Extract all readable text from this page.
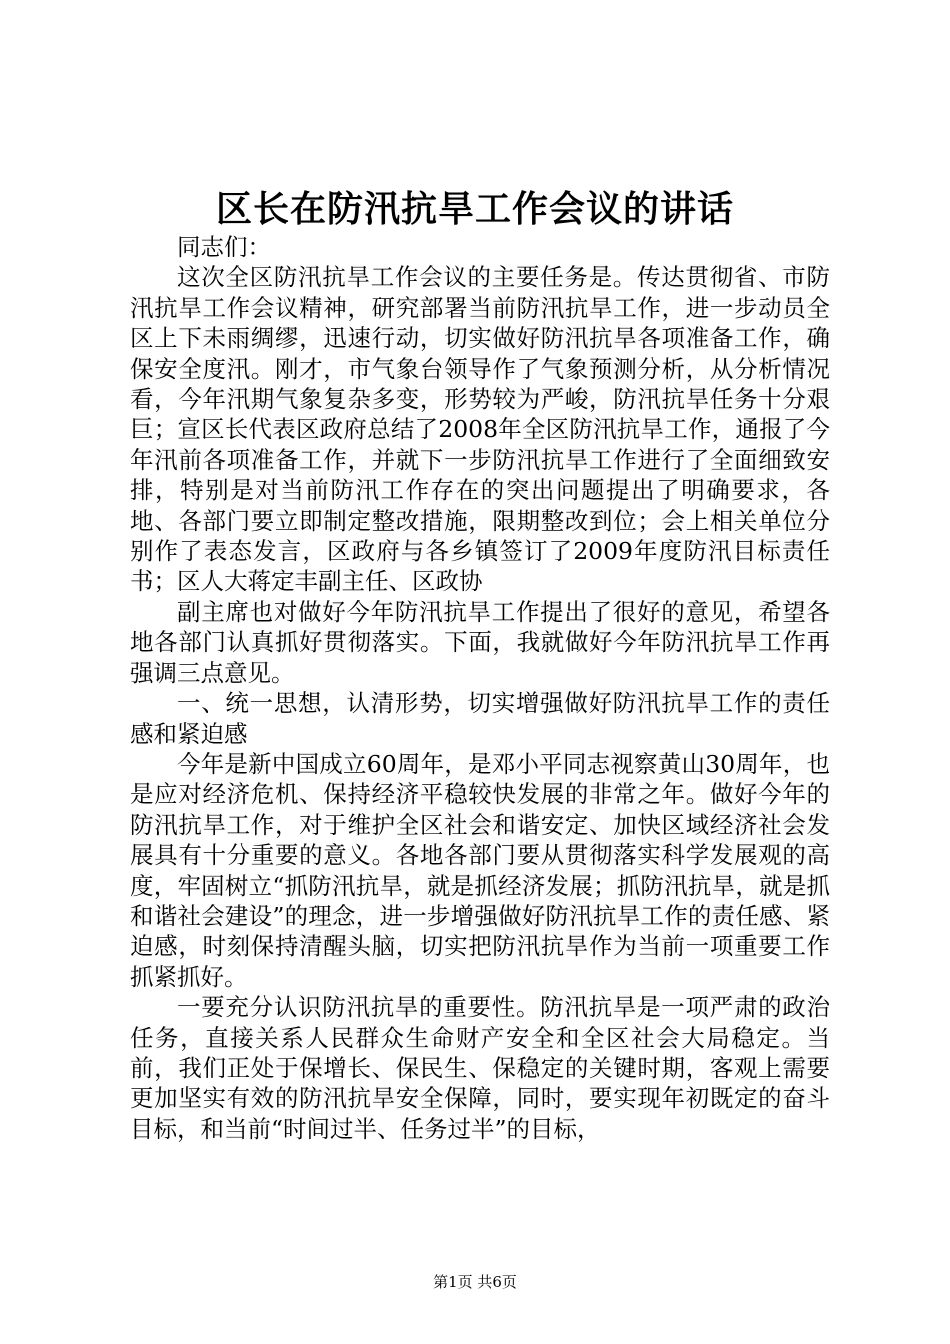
区长在防汛抗旱工作会议的讲话

同志们：

这次全区防汛抗旱工作会议的主要任务是。传达贯彻省、市防汛抗旱工作会议精神，研究部署当前防汛抗旱工作，进一步动员全区上下未雨绸缪，迅速行动，切实做好防汛抗旱各项准备工作，确保安全度汛。刚才，市气象台领导作了气象预测分析，从分析情况看，今年汛期气象复杂多变，形势较为严峻，防汛抗旱任务十分艰巨；宣区长代表区政府总结了2008年全区防汛抗旱工作，通报了今年汛前各项准备工作，并就下一步防汛抗旱工作进行了全面细致安排，特别是对当前防汛工作存在的突出问题提出了明确要求，各地、各部门要立即制定整改措施，限期整改到位；会上相关单位分别作了表态发言，区政府与各乡镇签订了2009年度防汛目标责任书；区人大蒋定丰副主任、区政协

副主席也对做好今年防汛抗旱工作提出了很好的意见，希望各地各部门认真抓好贯彻落实。下面，我就做好今年防汛抗旱工作再强调三点意见。

一、统一思想，认清形势，切实增强做好防汛抗旱工作的责任感和紧迫感

今年是新中国成立60周年，是邓小平同志视察黄山30周年，也是应对经济危机、保持经济平稳较快发展的非常之年。做好今年的防汛抗旱工作，对于维护全区社会和谐安定、加快区域经济社会发展具有十分重要的意义。各地各部门要从贯彻落实科学发展观的高度，牢固树立“抓防汛抗旱，就是抓经济发展；抓防汛抗旱，就是抓和谐社会建设”的理念，进一步增强做好防汛抗旱工作的责任感、紧迫感，时刻保持清醒头脑，切实把防汛抗旱作为当前一项重要工作抓紧抓好。

一要充分认识防汛抗旱的重要性。防汛抗旱是一项严肃的政治任务，直接关系人民群众生命财产安全和全区社会大局稳定。当前，我们正处于保增长、保民生、保稳定的关键时期，客观上需要更加坚实有效的防汛抗旱安全保障，同时，要实现年初既定的奋斗目标，和当前“时间过半、任务过半”的目标，

第1页 共6页
